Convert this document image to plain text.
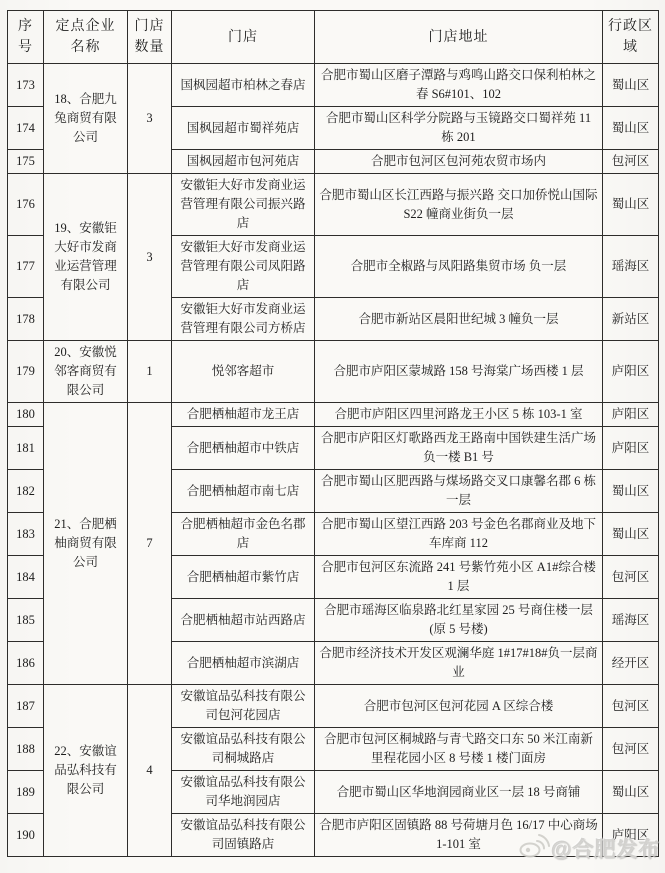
序号	定点企业名称	门店数量	门店	门店地址	行政区域
173	18、合肥九兔商贸有限公司	3	国枫园超市柏林之春店	合肥市蜀山区磨子潭路与鸡鸣山路交口保利柏林之春 S6#101、102	蜀山区
174			国枫园超市蜀祥苑店	合肥市蜀山区科学分院路与玉镜路交口蜀祥苑 11 栋 201	蜀山区
175			国枫园超市包河苑店	合肥市包河区包河苑农贸市场内	包河区
176	19、安徽钜大好市发商业运营管理有限公司	3	安徽钜大好市发商业运营管理有限公司振兴路店	合肥市蜀山区长江西路与振兴路 交口加侨悦山国际 S22 幢商业街负一层	蜀山区
177			安徽钜大好市发商业运营管理有限公司凤阳路店	合肥市全椒路与凤阳路集贸市场 负一层	瑶海区
178			安徽钜大好市发商业运营管理有限公司方桥店	合肥市新站区晨阳世纪城 3 幢负一层	新站区
179	20、安徽悦邻客商贸有限公司	1	悦邻客超市	合肥市庐阳区蒙城路 158 号海棠广场西楼 1 层	庐阳区
180	21、合肥栖柚商贸有限公司	7	合肥栖柚超市龙王店	合肥市庐阳区四里河路龙王小区 5 栋 103-1 室	庐阳区
181			合肥栖柚超市中铁店	合肥市庐阳区灯歌路西龙王路南中国铁建生活广场负一楼 B1 号	庐阳区
182			合肥栖柚超市南七店	合肥市蜀山区肥西路与煤场路交叉口康馨名郡 6 栋一层	蜀山区
183			合肥栖柚超市金色名郡店	合肥市蜀山区望江西路 203 号金色名郡商业及地下车库商 112	蜀山区
184			合肥栖柚超市紫竹店	合肥市包河区东流路 241 号紫竹苑小区 A1#综合楼 1 层	包河区
185			合肥栖柚超市站西路店	合肥市瑶海区临泉路北红星家园 25 号商住楼一层(原 5 号楼)	瑶海区
186			合肥栖柚超市滨湖店	合肥市经济技术开发区观澜华庭 1#17#18#负一层商业	经开区
187	22、安徽谊品弘科技有限公司	4	安徽谊品弘科技有限公司包河花园店	合肥市包河区包河花园 A 区综合楼	包河区
188			安徽谊品弘科技有限公司桐城路店	合肥市包河区桐城路与青弋路交口东 50 米江南新里程花园小区 8 号楼 1 楼门面房	包河区
189			安徽谊品弘科技有限公司华地润园店	合肥市蜀山区华地润园商业区一层 18 号商铺	蜀山区
190			安徽谊品弘科技有限公司固镇路店	合肥市庐阳区固镇路 88 号荷塘月色 16/17 中心商场 1-101 室	庐阳区
@合肥发布
